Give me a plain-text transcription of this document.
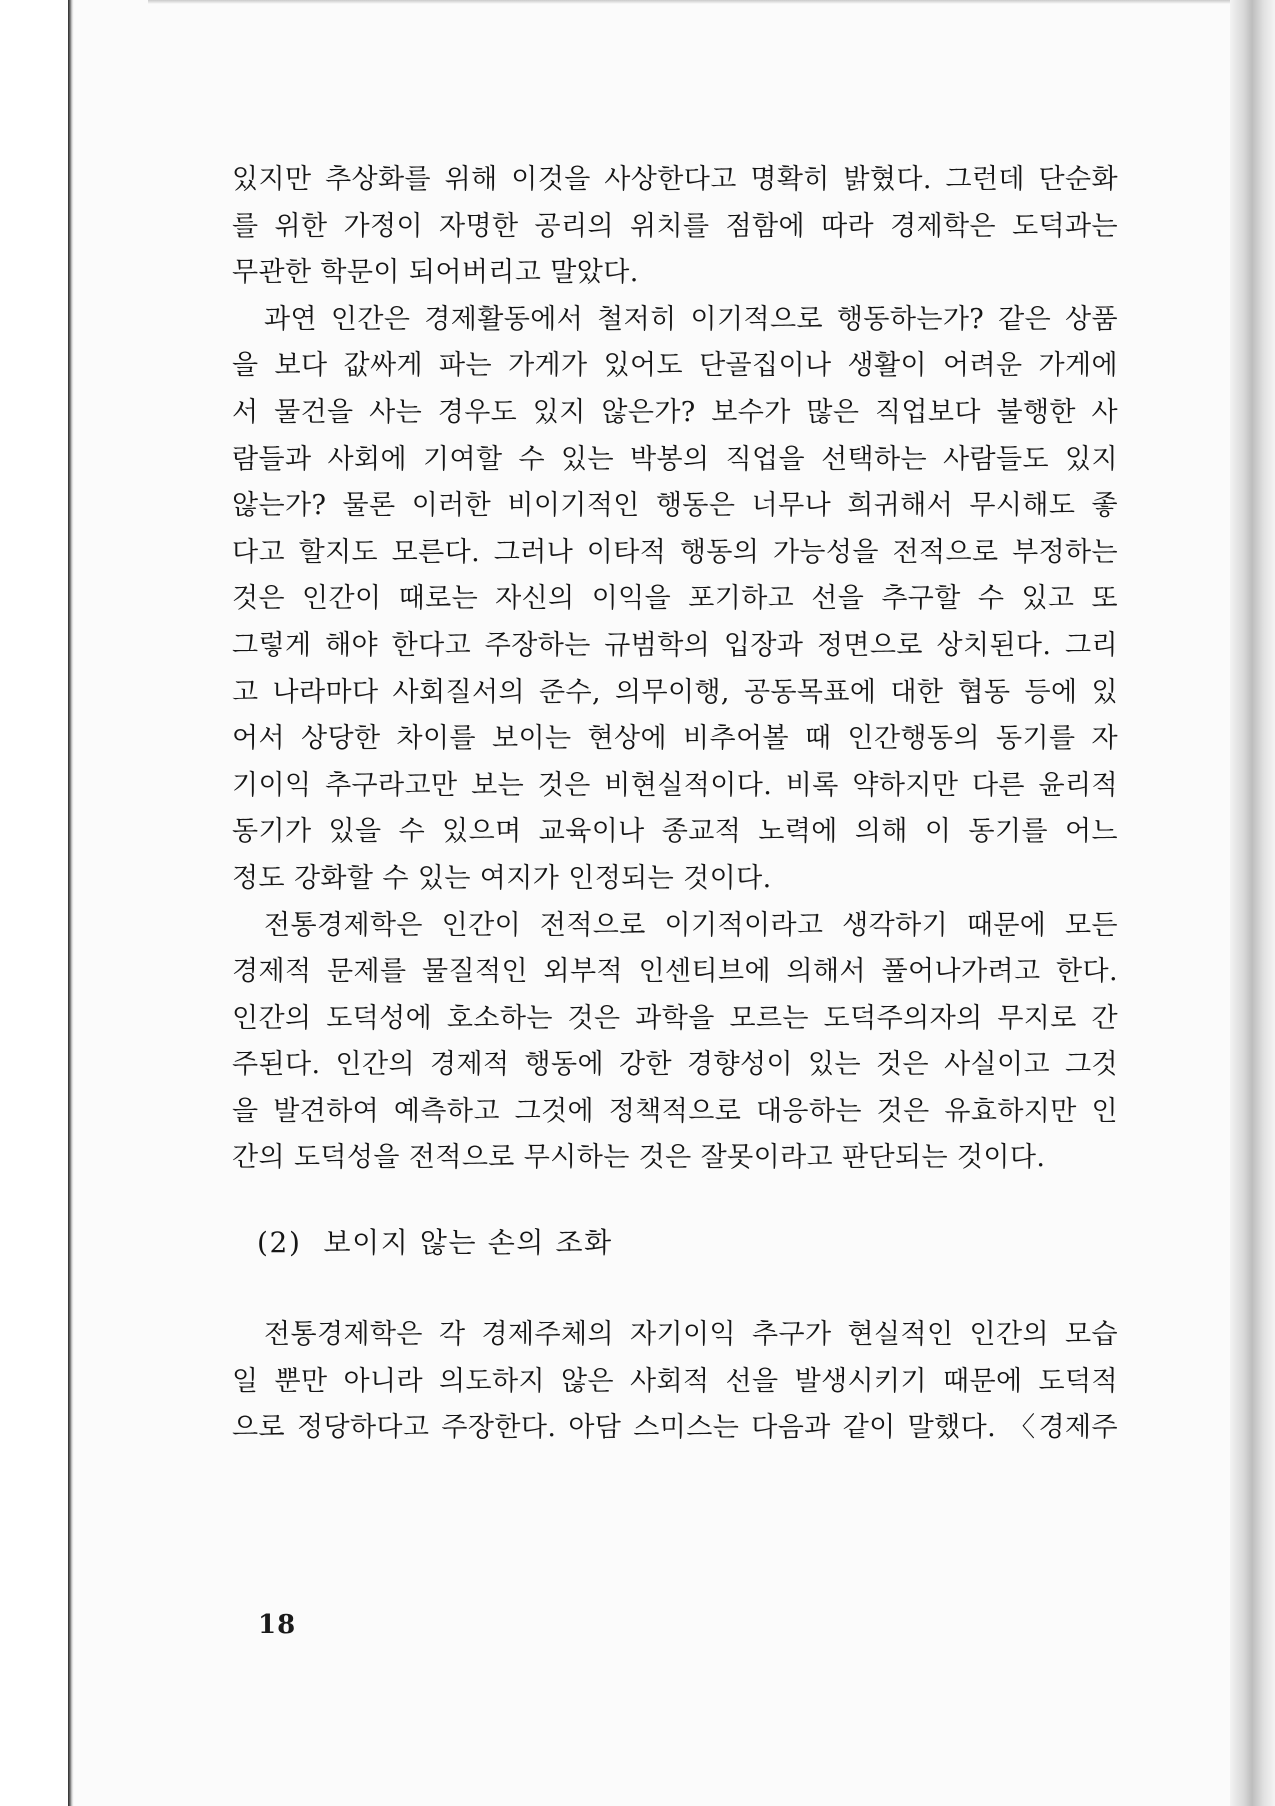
있지만 추상화를 위해 이것을 사상한다고 명확히 밝혔다. 그런데 단순화

를 위한 가정이 자명한 공리의 위치를 점함에 따라 경제학은 도덕과는

무관한 학문이 되어버리고 말았다.

과연 인간은 경제활동에서 철저히 이기적으로 행동하는가? 같은 상품

을 보다 값싸게 파는 가게가 있어도 단골집이나 생활이 어려운 가게에

서 물건을 사는 경우도 있지 않은가? 보수가 많은 직업보다 불행한 사

람들과 사회에 기여할 수 있는 박봉의 직업을 선택하는 사람들도 있지

않는가? 물론 이러한 비이기적인 행동은 너무나 희귀해서 무시해도 좋

다고 할지도 모른다. 그러나 이타적 행동의 가능성을 전적으로 부정하는

것은 인간이 때로는 자신의 이익을 포기하고 선을 추구할 수 있고 또

그렇게 해야 한다고 주장하는 규범학의 입장과 정면으로 상치된다. 그리

고 나라마다 사회질서의 준수, 의무이행, 공동목표에 대한 협동 등에 있

어서 상당한 차이를 보이는 현상에 비추어볼 때 인간행동의 동기를 자

기이익 추구라고만 보는 것은 비현실적이다. 비록 약하지만 다른 윤리적

동기가 있을 수 있으며 교육이나 종교적 노력에 의해 이 동기를 어느

정도 강화할 수 있는 여지가 인정되는 것이다.

전통경제학은 인간이 전적으로 이기적이라고 생각하기 때문에 모든

경제적 문제를 물질적인 외부적 인센티브에 의해서 풀어나가려고 한다.

인간의 도덕성에 호소하는 것은 과학을 모르는 도덕주의자의 무지로 간

주된다. 인간의 경제적 행동에 강한 경향성이 있는 것은 사실이고 그것

을 발견하여 예측하고 그것에 정책적으로 대응하는 것은 유효하지만 인

간의 도덕성을 전적으로 무시하는 것은 잘못이라고 판단되는 것이다.

(2) 보이지 않는 손의 조화

전통경제학은 각 경제주체의 자기이익 추구가 현실적인 인간의 모습

일 뿐만 아니라 의도하지 않은 사회적 선을 발생시키기 때문에 도덕적

으로 정당하다고 주장한다. 아담 스미스는 다음과 같이 말했다. 〈경제주

18
